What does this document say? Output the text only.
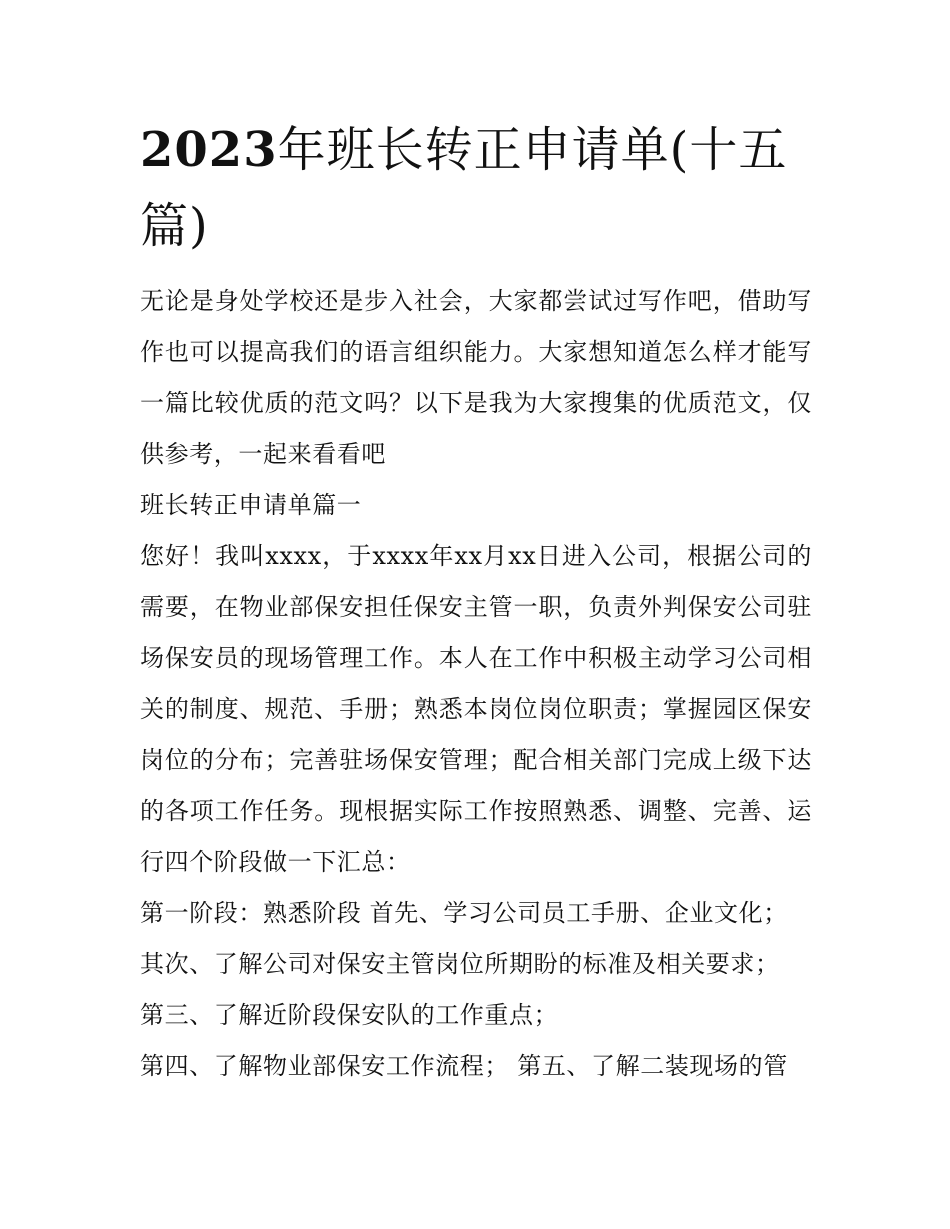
2023年班长转正申请单(十五篇)

无论是身处学校还是步入社会，大家都尝试过写作吧，借助写作也可以提高我们的语言组织能力。大家想知道怎么样才能写一篇比较优质的范文吗？以下是我为大家搜集的优质范文，仅供参考，一起来看看吧

班长转正申请单篇一

您好！我叫xxxx，于xxxx年xx月xx日进入公司，根据公司的需要，在物业部保安担任保安主管一职，负责外判保安公司驻场保安员的现场管理工作。本人在工作中积极主动学习公司相关的制度、规范、手册；熟悉本岗位岗位职责；掌握园区保安岗位的分布；完善驻场保安管理；配合相关部门完成上级下达的各项工作任务。现根据实际工作按照熟悉、调整、完善、运行四个阶段做一下汇总：

第一阶段：熟悉阶段 首先、学习公司员工手册、企业文化；

其次、了解公司对保安主管岗位所期盼的标准及相关要求；

第三、了解近阶段保安队的工作重点；

第四、了解物业部保安工作流程； 第五、了解二装现场的管
